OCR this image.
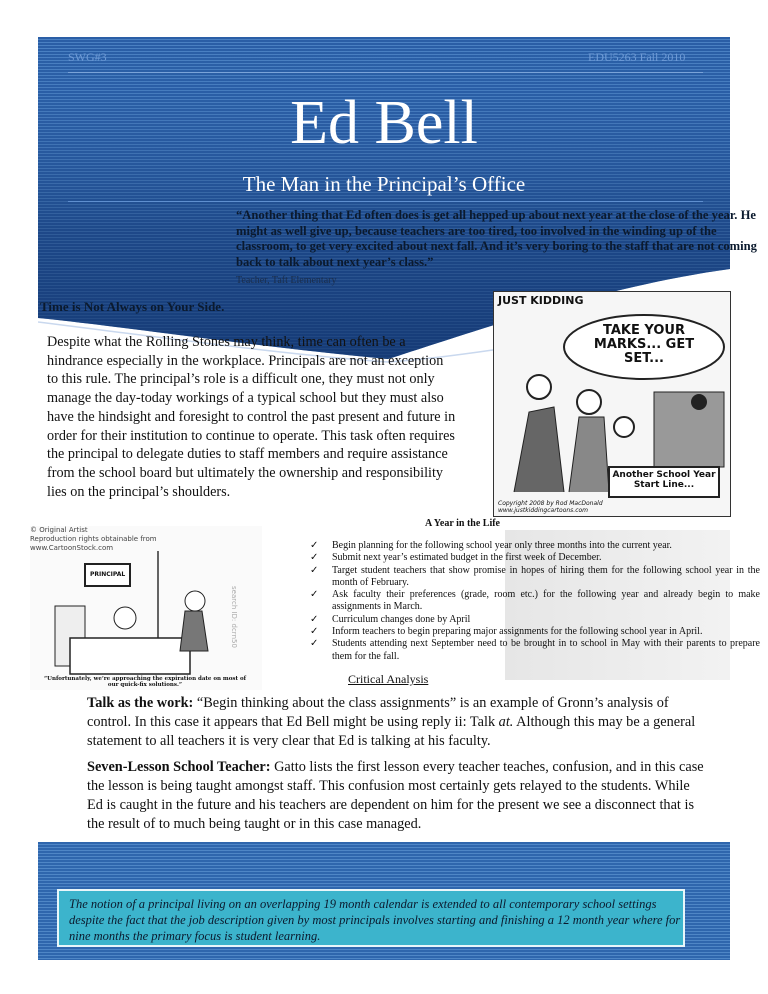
SWG#3	EDU5263 Fall 2010
Ed Bell
The Man in the Principal’s Office
“Another thing that Ed often does is get all hepped up about next year at the close of the year. He might as well give up, because teachers are too tired, too involved in the winding up of the classroom, to get very excited about next fall. And it’s very boring to the staff that are not coming back to talk about next year’s class.”
Teacher, Taft Elementary
Time is Not Always on Your Side.
Despite what the Rolling Stones may think, time can often be a hindrance especially in the workplace. Principals are not an exception to this rule. The principal’s role is a difficult one, they must not only manage the day-today workings of a typical school but they must also have the hindsight and foresight to control the past present and future in order for their institution to continue to operate. This task often requires the principal to delegate duties to staff members and require assistance from the school board but ultimately the ownership and responsibility lies on the principal’s shoulders.
JUST KIDDING
TAKE YOUR MARKS... GET SET...
Another School Year Start Line...
Copyright 2008 by Rod MacDonald www.justkiddingcartoons.com
© Original Artist
Reproduction rights obtainable from
www.CartoonStock.com
PRINCIPAL
search ID: dcrn50
“Unfortunately, we’re approaching the expiration date on most of our quick-fix solutions.”
A Year in the Life
✓ Begin planning for the following school year only three months into the current year.
✓ Submit next year’s estimated budget in the first week of December.
✓ Target student teachers that show promise in hopes of hiring them for the following school year in the month of February.
✓ Ask faculty their preferences (grade, room etc.) for the following year and already begin to make assignments in March.
✓ Curriculum changes done by April
✓ Inform teachers to begin preparing major assignments for the following school year in April.
✓ Students attending next September need to be brought in to school in May with their parents to prepare them for the fall.
Critical Analysis
Talk as the work: “Begin thinking about the class assignments” is an example of Gronn’s analysis of control. In this case it appears that Ed Bell might be using reply ii: Talk at. Although this may be a general statement to all teachers it is very clear that Ed is talking at his faculty.
Seven-Lesson School Teacher: Gatto lists the first lesson every teacher teaches, confusion, and in this case the lesson is being taught amongst staff. This confusion most certainly gets relayed to the students. While Ed is caught in the future and his teachers are dependent on him for the present we see a disconnect that is the result of to much being taught or in this case managed.
The notion of a principal living on an overlapping 19 month calendar is extended to all contemporary school settings despite the fact that the job description given by most principals involves starting and finishing a 12 month year where for nine months the primary focus is student learning.
